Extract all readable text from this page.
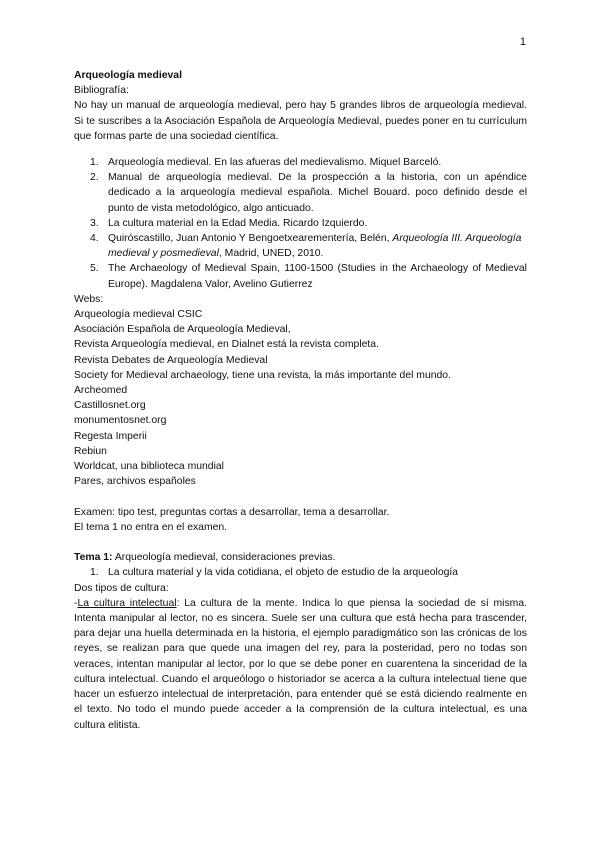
1

Arqueología medieval

Bibliografía:

No hay un manual de arqueología medieval, pero hay 5 grandes libros de arqueología medieval. Si te suscribes a la Asociación Española de Arqueología Medieval, puedes poner en tu currículum que formas parte de una sociedad científica.

1. Arqueología medieval. En las afueras del medievalismo. Miquel Barceló.
2. Manual de arqueología medieval. De la prospección a la historia, con un apéndice dedicado a la arqueología medieval española. Michel Bouard. poco definido desde el punto de vista metodológico, algo anticuado.
3. La cultura material en la Edad Media. Ricardo Izquierdo.
4. Quiróscastillo, Juan Antonio Y Bengoetxearementería, Belén, Arqueología III. Arqueología medieval y posmedieval, Madrid, UNED, 2010.
5. The Archaeology of Medieval Spain, 1100-1500 (Studies in the Archaeology of Medieval Europe). Magdalena Valor, Avelino Gutierrez

Webs:

Arqueología medieval CSIC
Asociación Española de Arqueología Medieval,
Revista Arqueología medieval, en Dialnet está la revista completa.
Revista Debates de Arqueología Medieval
Society for Medieval archaeology, tiene una revista, la más importante del mundo.
Archeomed
Castillosnet.org
monumentosnet.org
Regesta Imperii
Rebiun
Worldcat, una biblioteca mundial
Pares, archivos españoles

Examen: tipo test, preguntas cortas a desarrollar, tema a desarrollar.

El tema 1 no entra en el examen.

Tema 1: Arqueología medieval, consideraciones previas.

1. La cultura material y la vida cotidiana, el objeto de estudio de la arqueología

Dos tipos de cultura:

-La cultura intelectual: La cultura de la mente. Indica lo que piensa la sociedad de sí misma. Intenta manipular al lector, no es sincera. Suele ser una cultura que está hecha para trascender, para dejar una huella determinada en la historia, el ejemplo paradigmático son las crónicas de los reyes, se realizan para que quede una imagen del rey, para la posteridad, pero no todas son veraces, intentan manipular al lector, por lo que se debe poner en cuarentena la sinceridad de la cultura intelectual. Cuando el arqueólogo o historiador se acerca a la cultura intelectual tiene que hacer un esfuerzo intelectual de interpretación, para entender qué se está diciendo realmente en el texto. No todo el mundo puede acceder a la comprensión de la cultura intelectual, es una cultura elitista.
